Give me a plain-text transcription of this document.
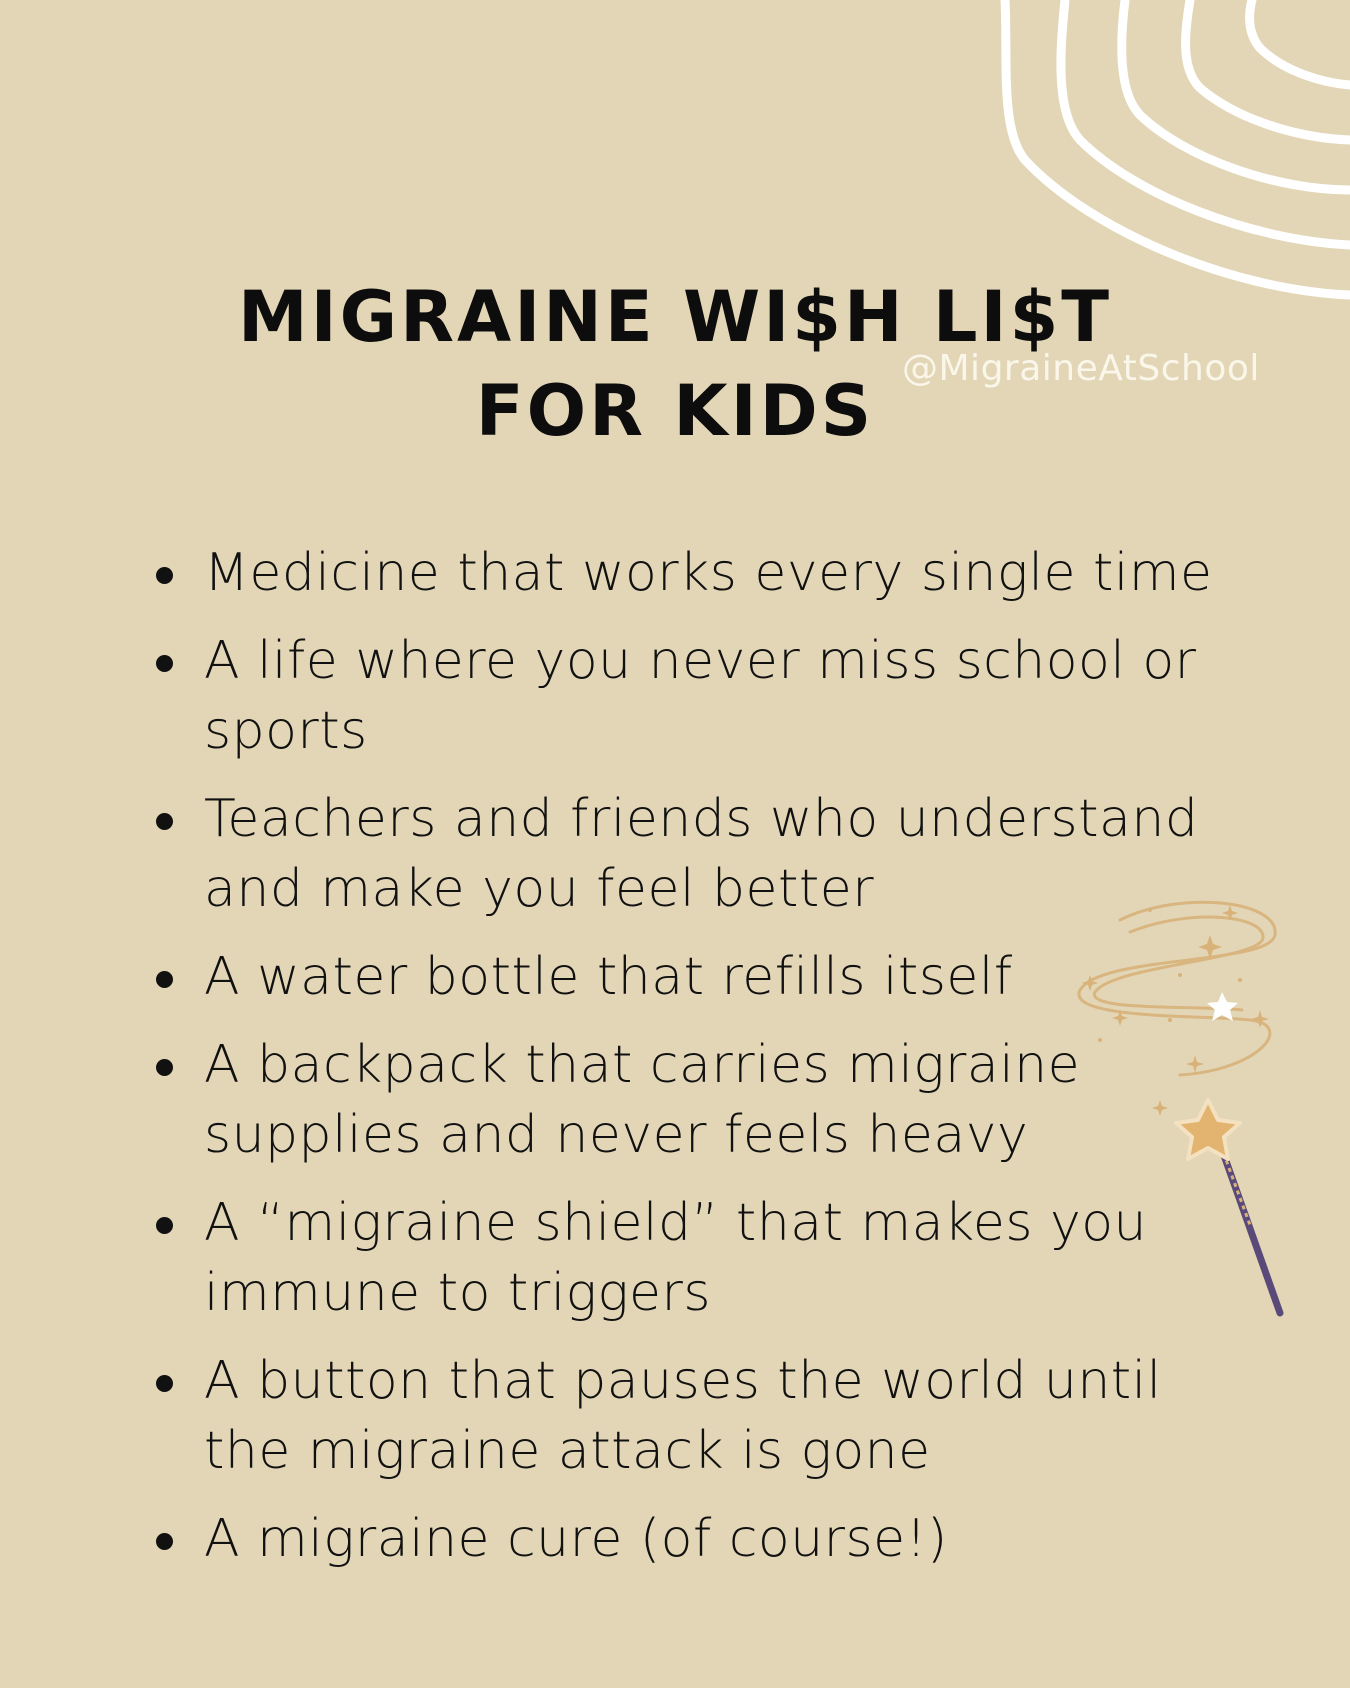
MIGRAINE WI$H LI$T
FOR KIDS
@MigraineAtSchool
Medicine that works every single time
A life where you never miss school or sports
Teachers and friends who understand and make you feel better
A water bottle that refills itself
A backpack that carries migraine supplies and never feels heavy
A “migraine shield” that makes you immune to triggers
A button that pauses the world until the migraine attack is gone
A migraine cure (of course!)
